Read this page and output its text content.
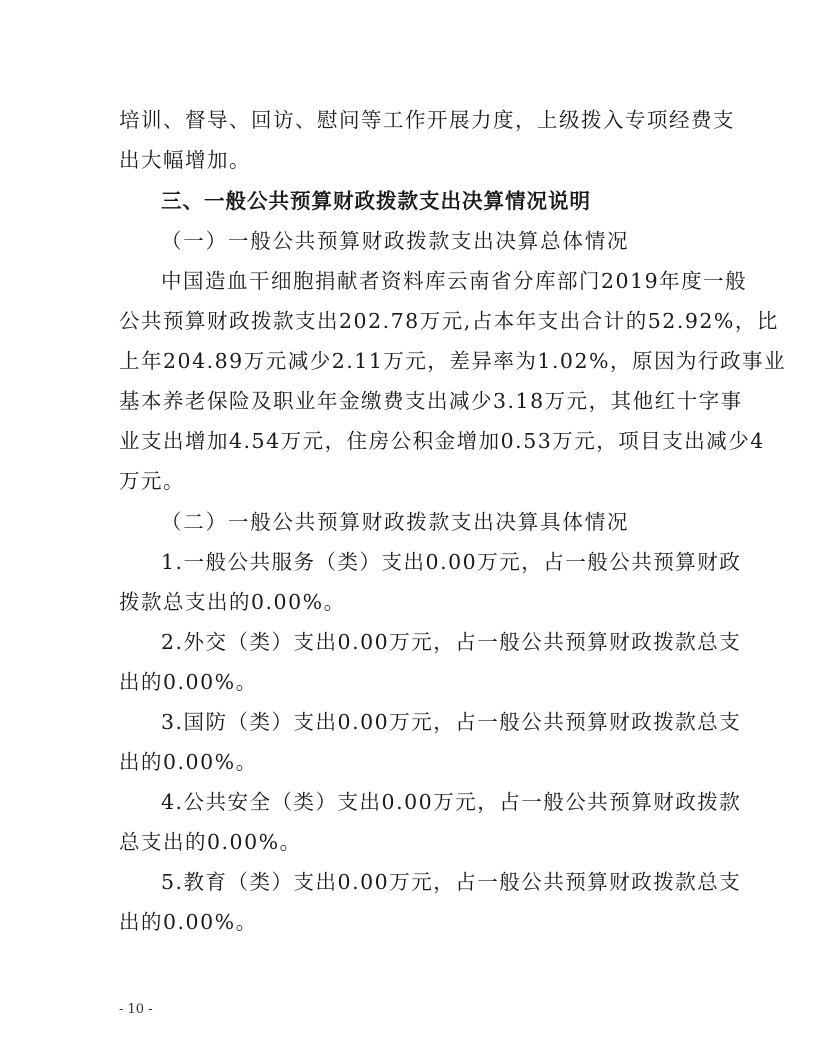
培训、督导、回访、慰问等工作开展力度，上级拨入专项经费支
出大幅增加。
三、一般公共预算财政拨款支出决算情况说明
（一）一般公共预算财政拨款支出决算总体情况
中国造血干细胞捐献者资料库云南省分库部门2019年度一般
公共预算财政拨款支出202.78万元,占本年支出合计的52.92%，比
上年204.89万元减少2.11万元，差异率为1.02%，原因为行政事业
基本养老保险及职业年金缴费支出减少3.18万元，其他红十字事
业支出增加4.54万元，住房公积金增加0.53万元，项目支出减少4
万元。
（二）一般公共预算财政拨款支出决算具体情况
1.一般公共服务（类）支出0.00万元，占一般公共预算财政
拨款总支出的0.00%。
2.外交（类）支出0.00万元，占一般公共预算财政拨款总支
出的0.00%。
3.国防（类）支出0.00万元，占一般公共预算财政拨款总支
出的0.00%。
4.公共安全（类）支出0.00万元，占一般公共预算财政拨款
总支出的0.00%。
5.教育（类）支出0.00万元，占一般公共预算财政拨款总支
出的0.00%。
- 10 -
